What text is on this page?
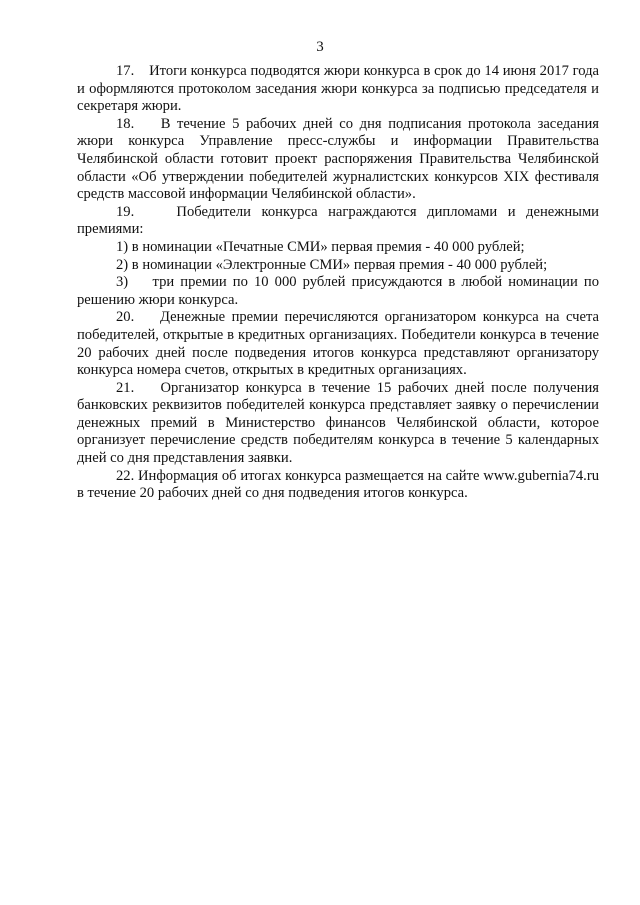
3

17.    Итоги конкурса подводятся жюри конкурса в срок до 14 июня 2017 года и оформляются протоколом заседания жюри конкурса за подписью председателя и секретаря жюри.

18.    В течение 5 рабочих дней со дня подписания протокола заседания жюри конкурса Управление пресс-службы и информации Правительства Челябинской области готовит проект распоряжения Правительства Челябинской области «Об утверждении победителей журналистских конкурсов XIX фестиваля средств массовой информации Челябинской области».

19.    Победители конкурса награждаются дипломами и денежными премиями:

1) в номинации «Печатные СМИ» первая премия - 40 000 рублей;

2) в номинации «Электронные СМИ» первая премия - 40 000 рублей;

3)    три премии по 10 000 рублей присуждаются в любой номинации по решению жюри конкурса.

20.    Денежные премии перечисляются организатором конкурса на счета победителей, открытые в кредитных организациях. Победители конкурса в течение 20 рабочих дней после подведения итогов конкурса представляют организатору конкурса номера счетов, открытых в кредитных организациях.

21.    Организатор конкурса в течение 15 рабочих дней после получения банковских реквизитов победителей конкурса представляет заявку о перечислении денежных премий в Министерство финансов Челябинской области, которое организует перечисление средств победителям конкурса в течение 5 календарных дней со дня представления заявки.

22. Информация об итогах конкурса размещается на сайте www.gubernia74.ru в течение 20 рабочих дней со дня подведения итогов конкурса.
